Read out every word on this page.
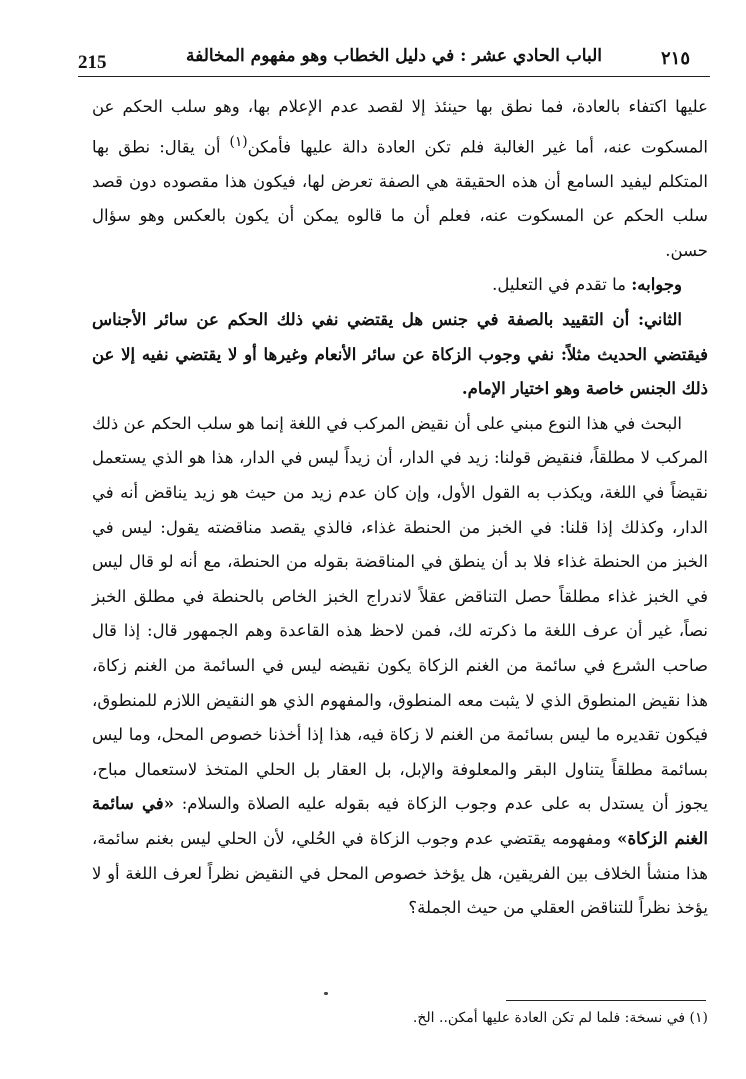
215	الباب الحادي عشر : في دليل الخطاب وهو مفهوم المخالفة	٢١٥

عليها اكتفاء بالعادة، فما نطق بها حينئذ إلا لقصد عدم الإعلام بها، وهو سلب الحكم عن المسكوت عنه، أما غير الغالبة فلم تكن العادة دالة عليها فأمكن$^{(١)}$ أن يقال: نطق بها المتكلم ليفيد السامع أن هذه الحقيقة هي الصفة تعرض لها، فيكون هذا مقصوده دون قصد سلب الحكم عن المسكوت عنه، فعلم أن ما قالوه يمكن أن يكون بالعكس وهو سؤال حسن.

وجوابه: ما تقدم في التعليل.

الثاني: أن التقييد بالصفة في جنس هل يقتضي نفي ذلك الحكم عن سائر الأجناس فيقتضي الحديث مثلاً: نفي وجوب الزكاة عن سائر الأنعام وغيرها أو لا يقتضي نفيه إلا عن ذلك الجنس خاصة وهو اختيار الإمام.

البحث في هذا النوع مبني على أن نقيض المركب في اللغة إنما هو سلب الحكم عن ذلك المركب لا مطلقاً، فنقيض قولنا: زيد في الدار، أن زيداً ليس في الدار، هذا هو الذي يستعمل نقيضاً في اللغة، ويكذب به القول الأول، وإن كان عدم زيد من حيث هو زيد يناقض أنه في الدار، وكذلك إذا قلنا: في الخبز من الحنطة غذاء، فالذي يقصد مناقضته يقول: ليس في الخبز من الحنطة غذاء فلا بد أن ينطق في المناقضة بقوله من الحنطة، مع أنه لو قال ليس في الخبز غذاء مطلقاً حصل التناقض عقلاً لاندراج الخبز الخاص بالحنطة في مطلق الخبز نصاً، غير أن عرف اللغة ما ذكرته لك، فمن لاحظ هذه القاعدة وهم الجمهور قال: إذا قال صاحب الشرع في سائمة من الغنم الزكاة يكون نقيضه ليس في السائمة من الغنم زكاة، هذا نقيض المنطوق الذي لا يثبت معه المنطوق، والمفهوم الذي هو النقيض اللازم للمنطوق، فيكون تقديره ما ليس بسائمة من الغنم لا زكاة فيه، هذا إذا أخذنا خصوص المحل، وما ليس بسائمة مطلقاً يتناول البقر والمعلوفة والإبل، بل العقار بل الحلي المتخذ لاستعمال مباح، يجوز أن يستدل به على عدم وجوب الزكاة فيه بقوله عليه الصلاة والسلام: «في سائمة الغنم الزكاة» ومفهومه يقتضي عدم وجوب الزكاة في الحُلي، لأن الحلي ليس بغنم سائمة، هذا منشأ الخلاف بين الفريقين، هل يؤخذ خصوص المحل في النقيض نظراً لعرف اللغة أو لا يؤخذ نظراً للتناقض العقلي من حيث الجملة؟

(١) في نسخة: فلما لم تكن العادة عليها أمكن.. الخ.
